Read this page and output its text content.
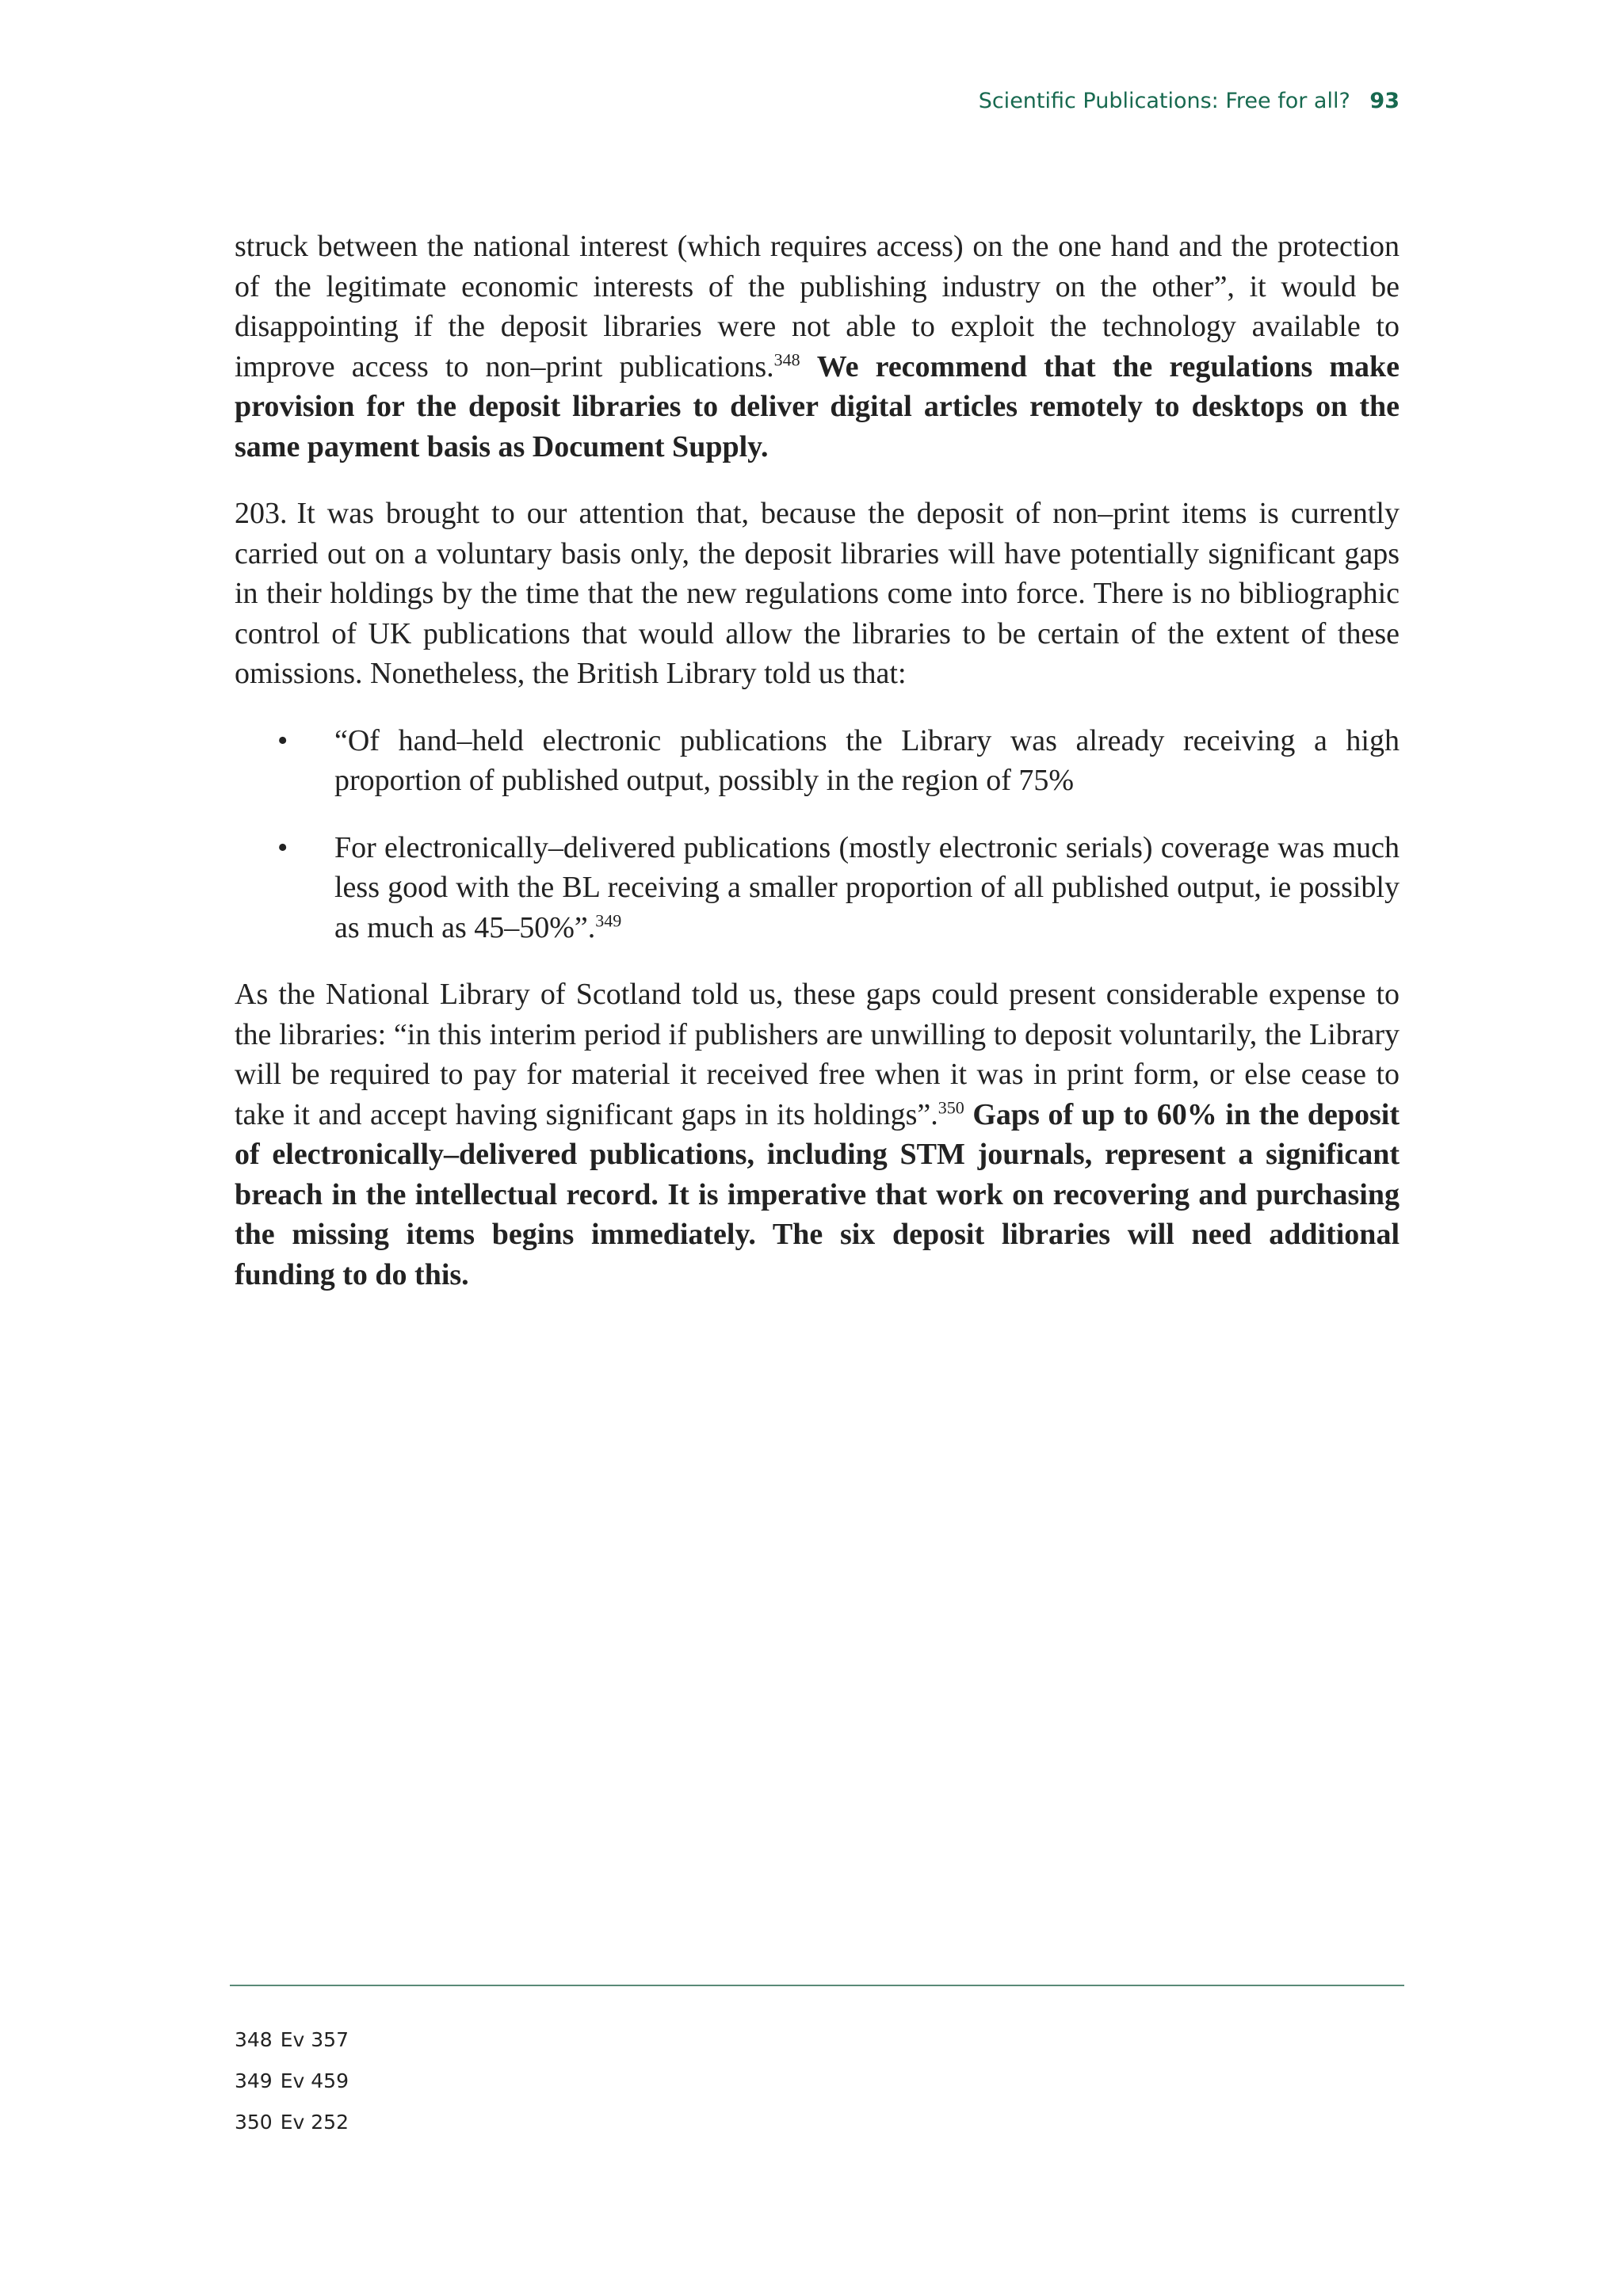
Scientific Publications: Free for all? 93

struck between the national interest (which requires access) on the one hand and the protection of the legitimate economic interests of the publishing industry on the other”, it would be disappointing if the deposit libraries were not able to exploit the technology available to improve access to non–print publications.$^{348}$ We recommend that the regulations make provision for the deposit libraries to deliver digital articles remotely to desktops on the same payment basis as Document Supply.

203. It was brought to our attention that, because the deposit of non–print items is currently carried out on a voluntary basis only, the deposit libraries will have potentially significant gaps in their holdings by the time that the new regulations come into force. There is no bibliographic control of UK publications that would allow the libraries to be certain of the extent of these omissions. Nonetheless, the British Library told us that:

• “Of hand–held electronic publications the Library was already receiving a high proportion of published output, possibly in the region of 75%
• For electronically–delivered publications (mostly electronic serials) coverage was much less good with the BL receiving a smaller proportion of all published output, ie possibly as much as 45–50%”.$^{349}$

As the National Library of Scotland told us, these gaps could present considerable expense to the libraries: “in this interim period if publishers are unwilling to deposit voluntarily, the Library will be required to pay for material it received free when it was in print form, or else cease to take it and accept having significant gaps in its holdings”.$^{350}$ Gaps of up to 60% in the deposit of electronically–delivered publications, including STM journals, represent a significant breach in the intellectual record. It is imperative that work on recovering and purchasing the missing items begins immediately. The six deposit libraries will need additional funding to do this.

348 Ev 357
349 Ev 459
350 Ev 252
